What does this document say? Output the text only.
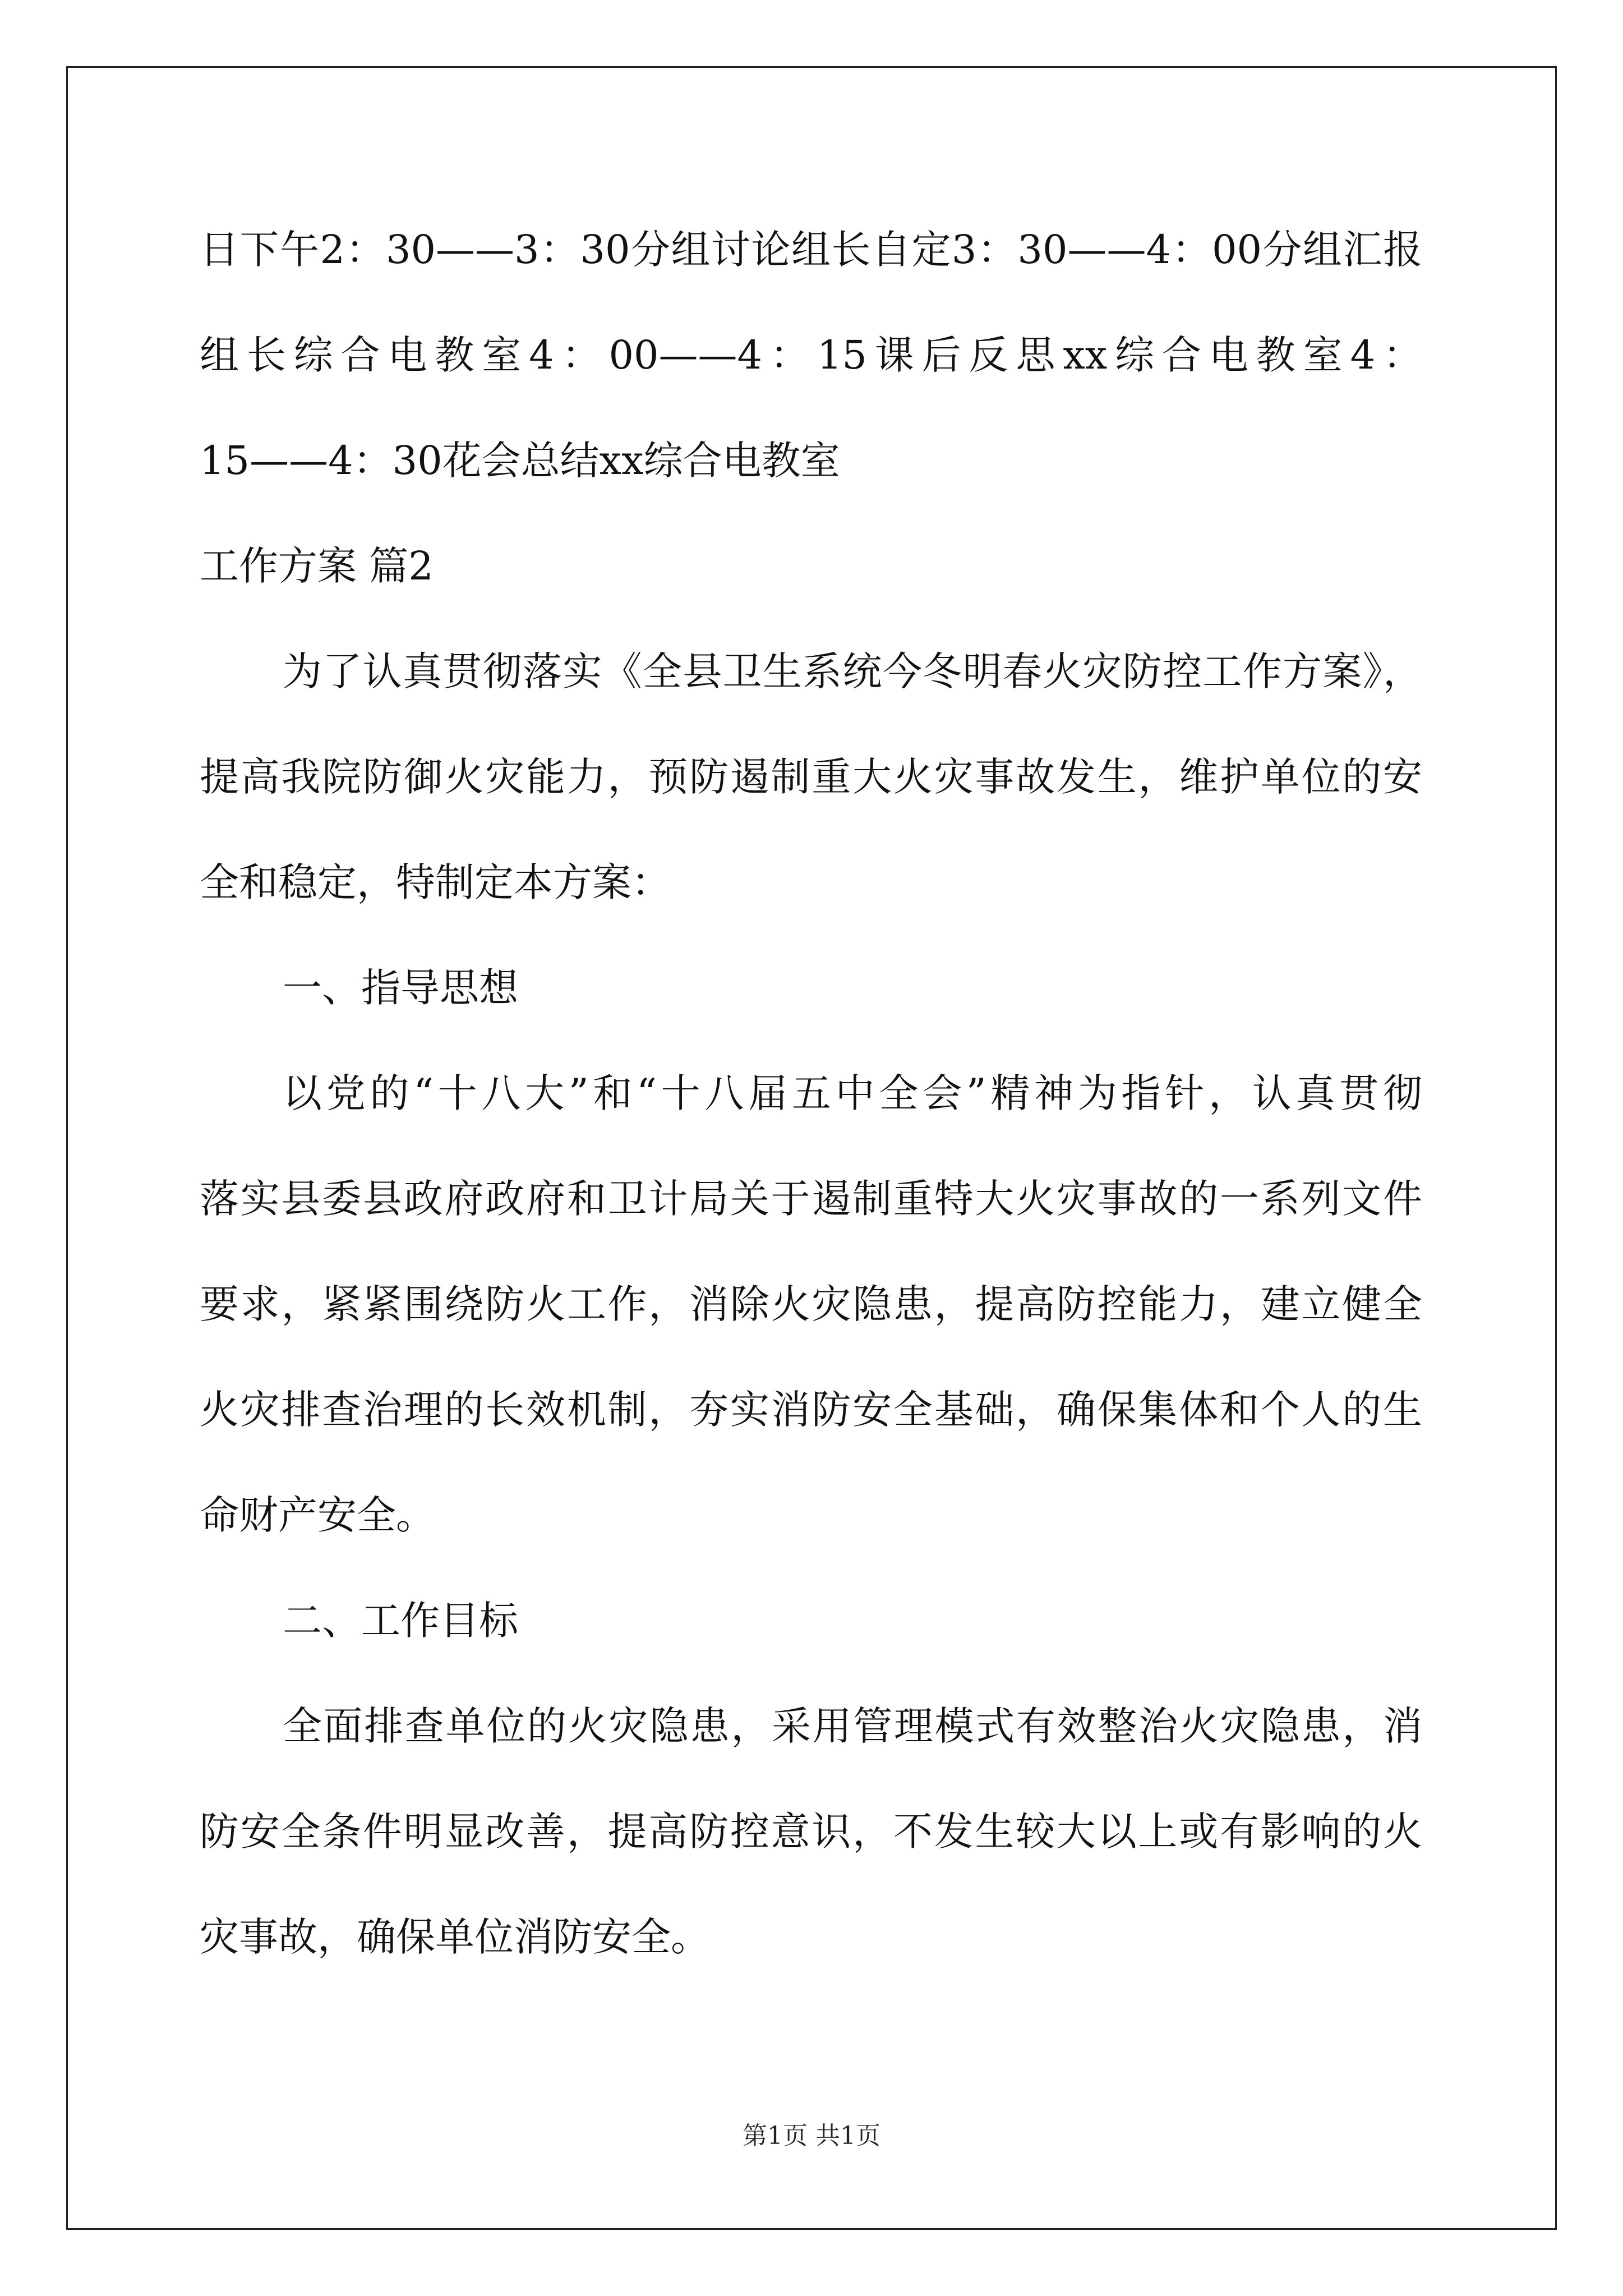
日下午2：30——3：30分组讨论组长自定3：30——4：00分组汇报
组长综合电教室4：00——4：15课后反思xx综合电教室4：
15——4：30花会总结xx综合电教室
工作方案 篇2
为了认真贯彻落实《全县卫生系统今冬明春火灾防控工作方案》，
提高我院防御火灾能力，预防遏制重大火灾事故发生，维护单位的安
全和稳定，特制定本方案：
一、指导思想
以党的“十八大”和“十八届五中全会”精神为指针，认真贯彻
落实县委县政府政府和卫计局关于遏制重特大火灾事故的一系列文件
要求，紧紧围绕防火工作，消除火灾隐患，提高防控能力，建立健全
火灾排查治理的长效机制，夯实消防安全基础，确保集体和个人的生
命财产安全。
二、工作目标
全面排查单位的火灾隐患，采用管理模式有效整治火灾隐患，消
防安全条件明显改善，提高防控意识，不发生较大以上或有影响的火
灾事故，确保单位消防安全。
第1页 共1页
